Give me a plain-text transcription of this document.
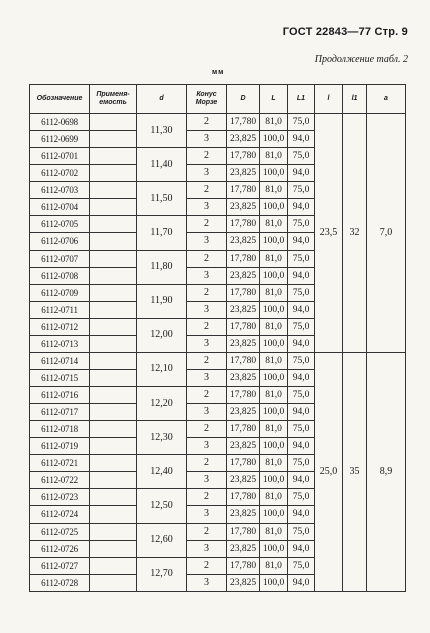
ГОСТ 22843—77 Стр. 9
Продолжение табл. 2
мм
Обозначение	Применя-емость	d	Конус Морзе	D	L	L1	l	l1	a
6112-0698		11,30	2	17,780	81,0	75,0	23,5	32	7,0
6112-0699			3	23,825	100,0	94,0			
6112-0701		11,40	2	17,780	81,0	75,0			
6112-0702			3	23,825	100,0	94,0			
6112-0703		11,50	2	17,780	81,0	75,0			
6112-0704			3	23,825	100,0	94,0			
6112-0705		11,70	2	17,780	81,0	75,0			
6112-0706			3	23,825	100,0	94,0			
6112-0707		11,80	2	17,780	81,0	75,0			
6112-0708			3	23,825	100,0	94,0			
6112-0709		11,90	2	17,780	81,0	75,0			
6112-0711			3	23,825	100,0	94,0			
6112-0712		12,00	2	17,780	81,0	75,0			
6112-0713			3	23,825	100,0	94,0			
6112-0714		12,10	2	17,780	81,0	75,0	25,0	35	8,9
6112-0715			3	23,825	100,0	94,0			
6112-0716		12,20	2	17,780	81,0	75,0			
6112-0717			3	23,825	100,0	94,0			
6112-0718		12,30	2	17,780	81,0	75,0			
6112-0719			3	23,825	100,0	94,0			
6112-0721		12,40	2	17,780	81,0	75,0			
6112-0722			3	23,825	100,0	94,0			
6112-0723		12,50	2	17,780	81,0	75,0			
6112-0724			3	23,825	100,0	94,0			
6112-0725		12,60	2	17,780	81,0	75,0			
6112-0726			3	23,825	100,0	94,0			
6112-0727		12,70	2	17,780	81,0	75,0			
6112-0728			3	23,825	100,0	94,0			
